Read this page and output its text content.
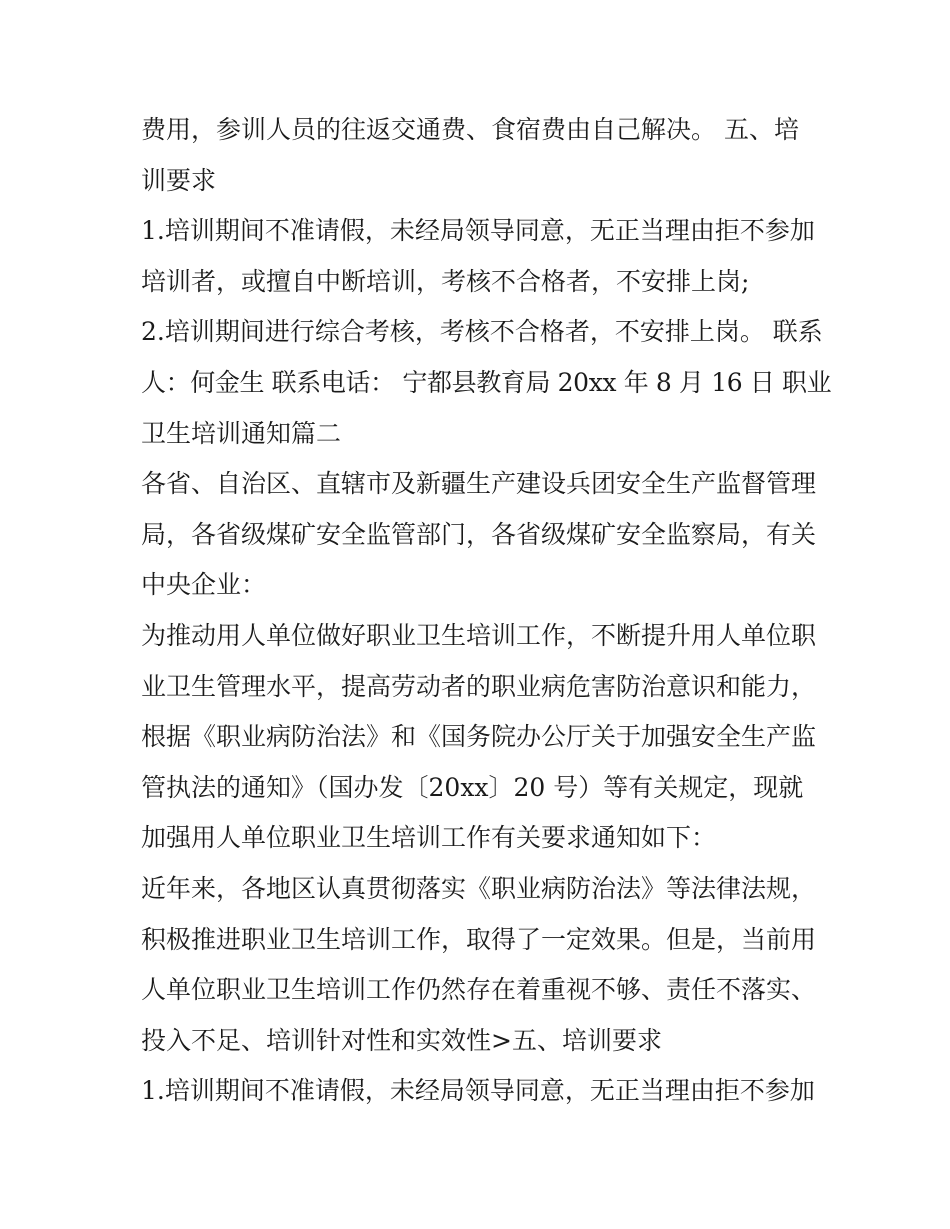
费用，参训人员的往返交通费、食宿费由自己解决。 五、培
训要求
1.培训期间不准请假，未经局领导同意，无正当理由拒不参加
培训者，或擅自中断培训，考核不合格者，不安排上岗;
2.培训期间进行综合考核，考核不合格者，不安排上岗。 联系
人：何金生 联系电话： 宁都县教育局 20xx 年 8 月 16 日 职业
卫生培训通知篇二
各省、自治区、直辖市及新疆生产建设兵团安全生产监督管理
局，各省级煤矿安全监管部门，各省级煤矿安全监察局，有关
中央企业：
为推动用人单位做好职业卫生培训工作，不断提升用人单位职
业卫生管理水平，提高劳动者的职业病危害防治意识和能力，
根据《职业病防治法》和《国务院办公厅关于加强安全生产监
管执法的通知》（国办发〔20xx〕20 号）等有关规定，现就
加强用人单位职业卫生培训工作有关要求通知如下：
近年来，各地区认真贯彻落实《职业病防治法》等法律法规，
积极推进职业卫生培训工作，取得了一定效果。但是，当前用
人单位职业卫生培训工作仍然存在着重视不够、责任不落实、
投入不足、培训针对性和实效性>五、培训要求
1.培训期间不准请假，未经局领导同意，无正当理由拒不参加
